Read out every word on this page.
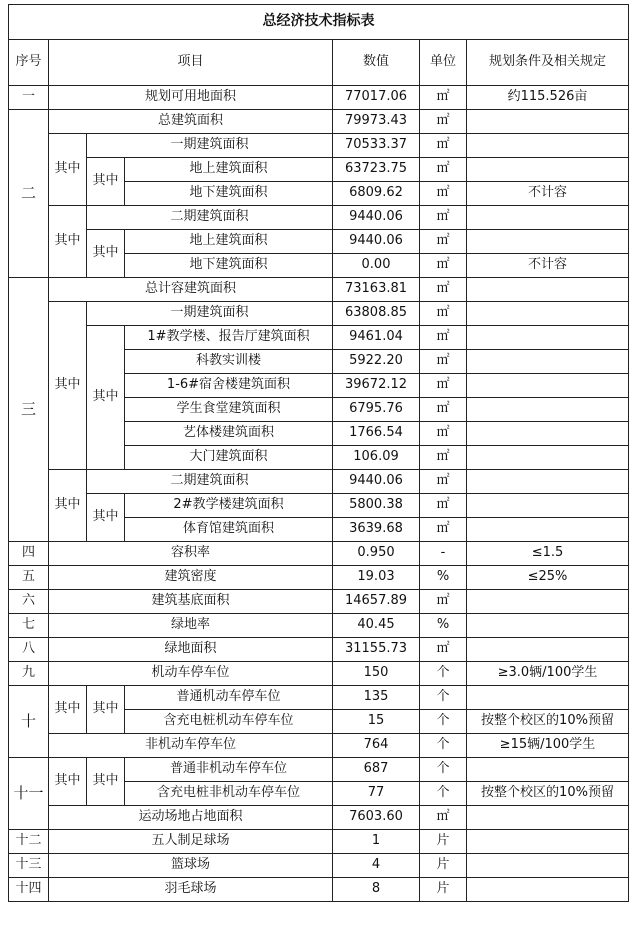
总经济技术指标表						
序号	项目			数值	单位	规划条件及相关规定
一	规划可用地面积			77017.06	㎡	约115.526亩
二	总建筑面积			79973.43	㎡	
	其中	一期建筑面积		70533.37	㎡	
		其中	地上建筑面积	63723.75	㎡	
			地下建筑面积	6809.62	㎡	不计容
	其中	二期建筑面积		9440.06	㎡	
		其中	地上建筑面积	9440.06	㎡	
			地下建筑面积	0.00	㎡	不计容
三	总计容建筑面积			73163.81	㎡	
	其中	一期建筑面积		63808.85	㎡	
		其中	1#教学楼、报告厅建筑面积	9461.04	㎡	
			科教实训楼	5922.20	㎡	
			1-6#宿舍楼建筑面积	39672.12	㎡	
			学生食堂建筑面积	6795.76	㎡	
			艺体楼建筑面积	1766.54	㎡	
			大门建筑面积	106.09	㎡	
	其中	二期建筑面积		9440.06	㎡	
		其中	2#教学楼建筑面积	5800.38	㎡	
			体育馆建筑面积	3639.68	㎡	
四	容积率			0.950	-	≤1.5
五	建筑密度			19.03	%	≤25%
六	建筑基底面积			14657.89	㎡	
七	绿地率			40.45	%	
八	绿地面积			31155.73	㎡	
九	机动车停车位			150	个	≥3.0辆/100学生
十	其中	其中	普通机动车停车位	135	个	
			含充电桩机动车停车位	15	个	按整个校区的10%预留
	非机动车停车位			764	个	≥15辆/100学生
十一	其中	其中	普通非机动车停车位	687	个	
			含充电桩非机动车停车位	77	个	按整个校区的10%预留
	运动场地占地面积			7603.60	㎡	
十二	五人制足球场			1	片	
十三	篮球场			4	片	
十四	羽毛球场			8	片	
